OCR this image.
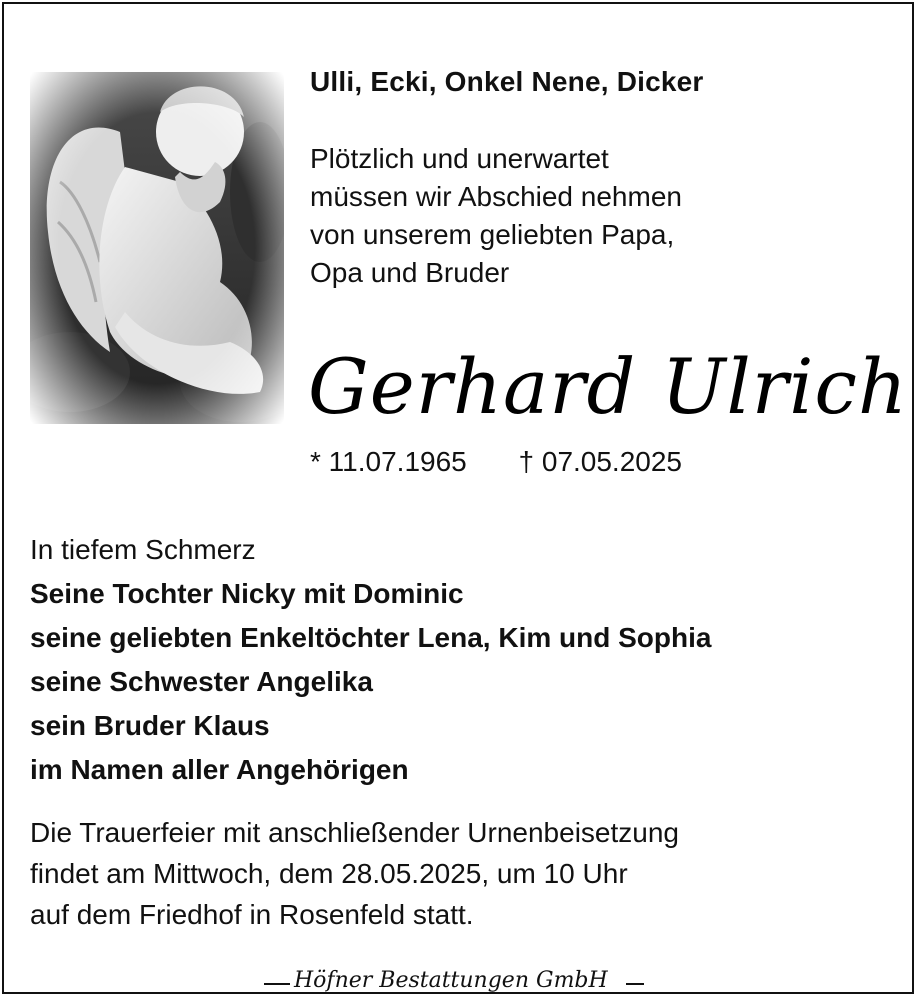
Ulli, Ecki, Onkel Nene, Dicker
Plötzlich und unerwartet
müssen wir Abschied nehmen
von unserem geliebten Papa,
Opa und Bruder
Gerhard Ulrich
* 11.07.1965 † 07.05.2025
In tiefem Schmerz
Seine Tochter Nicky mit Dominic
seine geliebten Enkeltöchter Lena, Kim und Sophia
seine Schwester Angelika
sein Bruder Klaus
im Namen aller Angehörigen
Die Trauerfeier mit anschließender Urnenbeisetzung
findet am Mittwoch, dem 28.05.2025, um 10 Uhr
auf dem Friedhof in Rosenfeld statt.
Höfner Bestattungen GmbH
